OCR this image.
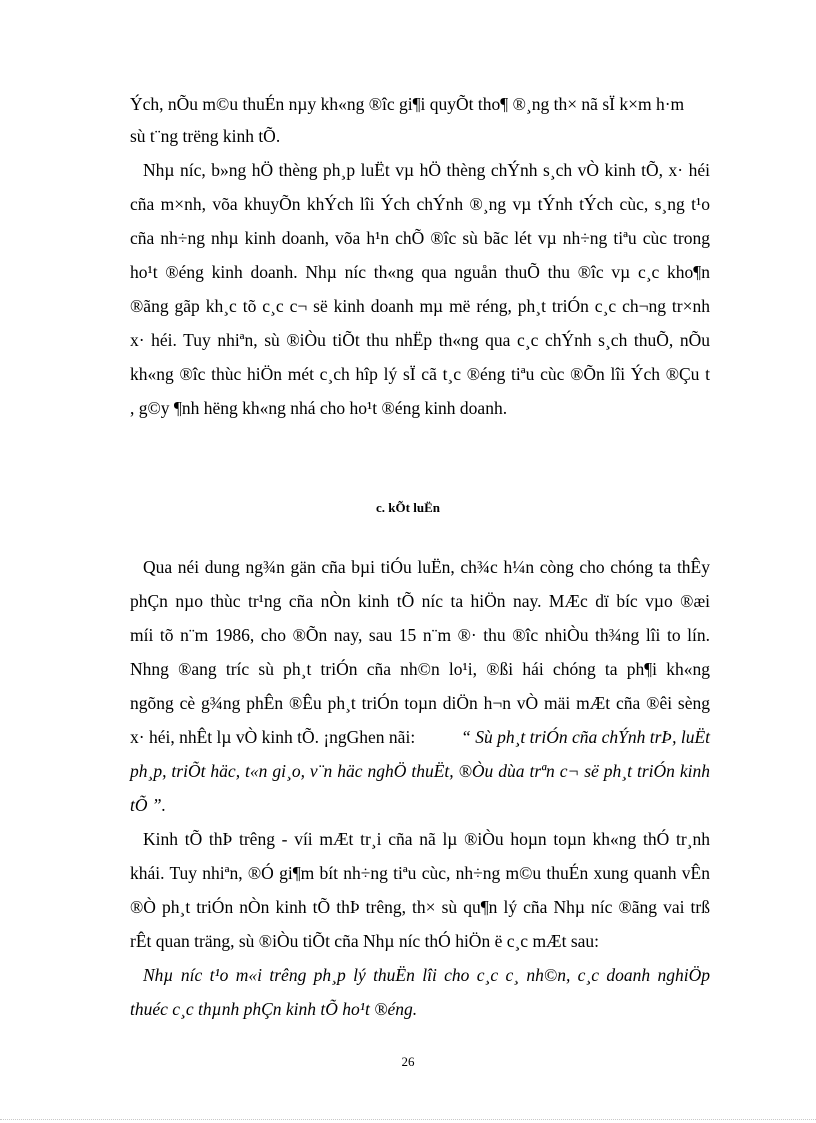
Ých, nÕu m©u thuÉn nµy kh«ng ®îc gi¶i quyÕt tho¶ ®¸ng th× nã sÏ k×m h·m
sù t¨ng trëng kinh tÕ.
Nhµ níc, b»ng hÖ thèng ph¸p luËt vµ hÖ thèng chÝnh s¸ch vÒ kinh tÕ, x· héi
cña m×nh, võa khuyÕn khÝch lîi Ých chÝnh ®¸ng vµ tÝnh tÝch cùc, s¸ng t¹o
cña nh÷ng nhµ kinh doanh, võa h¹n chÕ ®îc sù bãc lét vµ nh÷ng tiªu cùc trong
ho¹t ®éng kinh doanh. Nhµ níc th«ng qua nguån thuÕ thu ®îc vµ c¸c kho¶n
®ãng gãp kh¸c tõ c¸c c¬ së kinh doanh mµ më réng, ph¸t triÓn c¸c ch¬ng tr×nh
x· héi. Tuy nhiªn, sù ®iÒu tiÕt thu nhËp th«ng qua c¸c chÝnh s¸ch thuÕ, nÕu
kh«ng ®îc thùc hiÖn mét c¸ch hîp lý sÏ cã t¸c ®éng tiªu cùc ®Õn lîi Ých ®Çu t
, g©y ¶nh hëng kh«ng nhá cho ho¹t ®éng kinh doanh.
c. kÕt luËn
Qua néi dung ng¾n gän cña bµi tiÓu luËn, ch¾c h¼n còng cho chóng ta thÊy
phÇn nµo thùc tr¹ng cña nÒn kinh tÕ níc ta hiÖn nay. MÆc dï bíc vµo ®æi
míi tõ n¨m 1986, cho ®Õn nay, sau 15 n¨m ®· thu ®îc nhiÒu th¾ng lîi to lín.
Nhng ®ang tríc sù ph¸t triÓn cña nh©n lo¹i, ®ßi hái chóng ta ph¶i kh«ng
ngõng cè g¾ng phÊn ®Êu ph¸t triÓn toµn diÖn h¬n vÒ mäi mÆt cña ®êi sèng
x· héi, nhÊt lµ vÒ kinh tÕ. ¡ngGhen nãi:	“ Sù ph¸t triÓn cña chÝnh trÞ, luËt
ph¸p, triÕt häc, t«n gi¸o, v¨n häc nghÖ thuËt, ®Òu dùa trªn c¬ së ph¸t triÓn kinh
tÕ ”.
Kinh tÕ thÞ trêng - víi mÆt tr¸i cña nã lµ ®iÒu hoµn toµn kh«ng thÓ tr¸nh
khái. Tuy nhiªn, ®Ó gi¶m bít nh÷ng tiªu cùc, nh÷ng m©u thuÉn xung quanh vÊn
®Ò ph¸t triÓn nÒn kinh tÕ thÞ trêng, th× sù qu¶n lý cña Nhµ níc ®ãng vai trß
rÊt quan träng, sù ®iÒu tiÕt cña Nhµ níc thÓ hiÖn ë c¸c mÆt sau:
Nhµ níc t¹o m«i trêng ph¸p lý thuËn lîi cho c¸c c¸ nh©n, c¸c doanh nghiÖp
thuéc c¸c thµnh phÇn kinh tÕ ho¹t ®éng.
26
